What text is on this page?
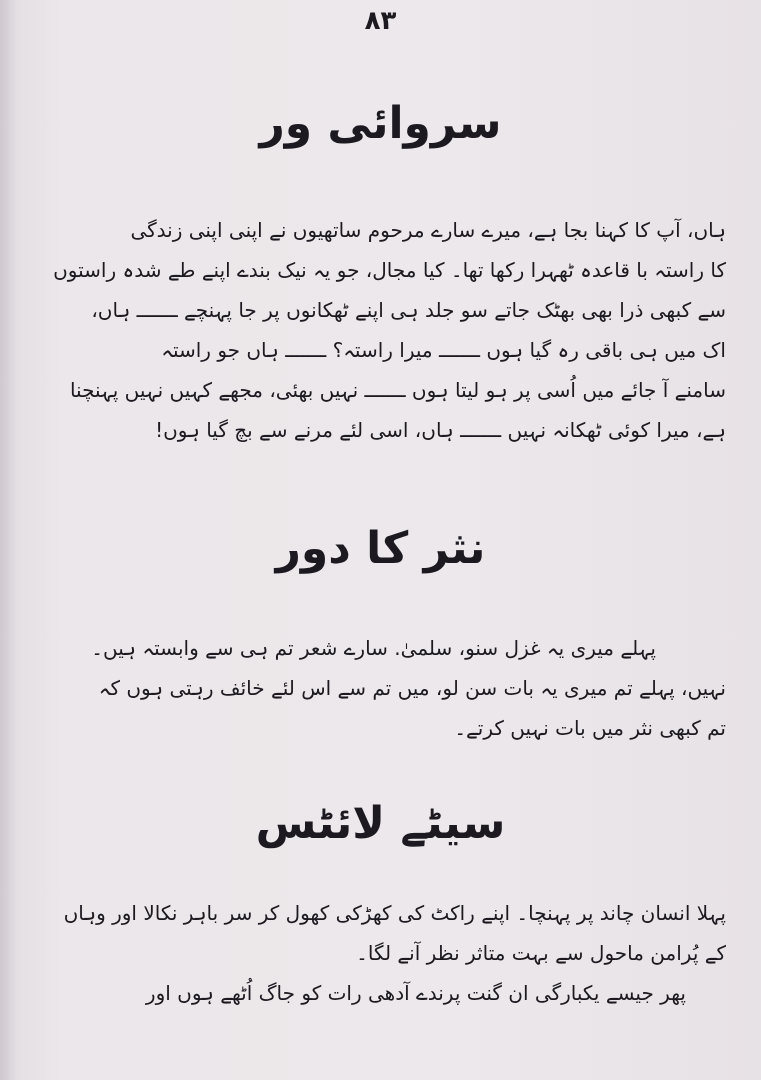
۸۳
سروائی ور
ہاں، آپ کا کہنا بجا ہے، میرے سارے مرحوم ساتھیوں نے اپنی اپنی زندگی
کا راستہ با قاعدہ ٹھہرا رکھا تھا۔ کیا مجال، جو یہ نیک بندے اپنے طے شدہ راستوں
سے کبھی ذرا بھی بھٹک جاتے سو جلد ہی اپنے ٹھکانوں پر جا پہنچے ـــــــ ہاں،
اک میں ہی باقی رہ گیا ہوں ـــــــ میرا راستہ؟ ـــــــ ہاں جو راستہ
سامنے آ جائے میں اُسی پر ہو لیتا ہوں ـــــــ نہیں بھئی، مجھے کہیں نہیں پہنچنا
ہے، میرا کوئی ٹھکانہ نہیں ـــــــ ہاں، اسی لئے مرنے سے بچ گیا ہوں!
نثر کا دور
پہلے میری یہ غزل سنو، سلمیٰ. سارے شعر تم ہی سے وابستہ ہیں۔
نہیں، پہلے تم میری یہ بات سن لو، میں تم سے اس لئے خائف رہتی ہوں کہ
تم کبھی نثر میں بات نہیں کرتے۔
سیٹے لائٹس
پہلا انسان چاند پر پہنچا۔ اپنے راکٹ کی کھڑکی کھول کر سر باہر نکالا اور وہاں
کے پُرامن ماحول سے بہت متاثر نظر آنے لگا۔
پھر جیسے یکبارگی ان گنت پرندے آدھی رات کو جاگ اُٹھے ہوں اور
